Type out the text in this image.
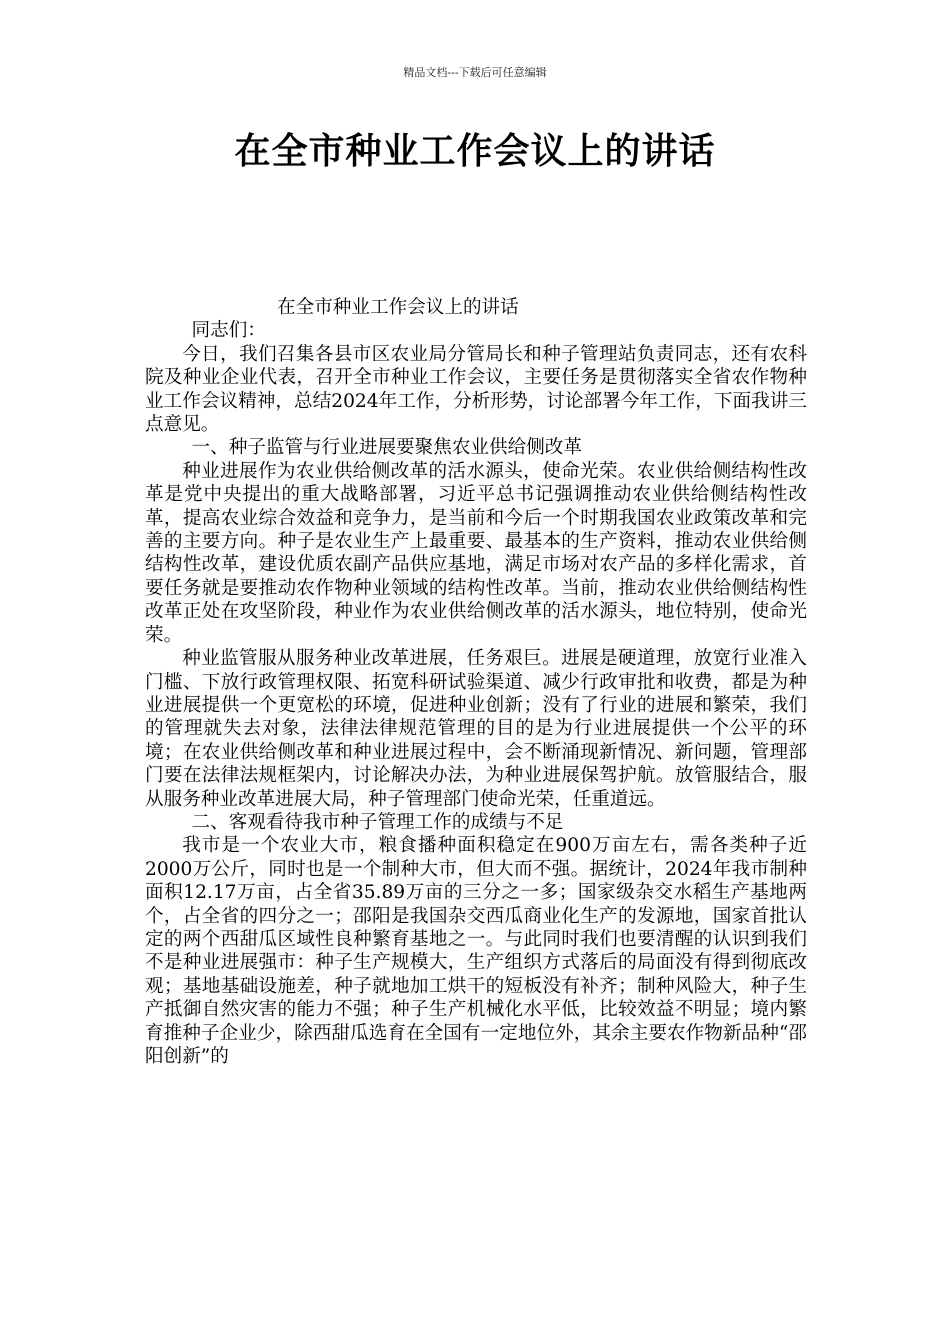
精品文档---下载后可任意编辑
在全市种业工作会议上的讲话

在全市种业工作会议上的讲话

同志们：

今日，我们召集各县市区农业局分管局长和种子管理站负责同志，还有农科院及种业企业代表，召开全市种业工作会议，主要任务是贯彻落实全省农作物种业工作会议精神，总结2024年工作，分析形势，讨论部署今年工作，下面我讲三点意见。

一、种子监管与行业进展要聚焦农业供给侧改革

种业进展作为农业供给侧改革的活水源头，使命光荣。农业供给侧结构性改革是党中央提出的重大战略部署，习近平总书记强调推动农业供给侧结构性改革，提高农业综合效益和竞争力，是当前和今后一个时期我国农业政策改革和完善的主要方向。种子是农业生产上最重要、最基本的生产资料，推动农业供给侧结构性改革，建设优质农副产品供应基地，满足市场对农产品的多样化需求，首要任务就是要推动农作物种业领域的结构性改革。当前，推动农业供给侧结构性改革正处在攻坚阶段，种业作为农业供给侧改革的活水源头，地位特别，使命光荣。

种业监管服从服务种业改革进展，任务艰巨。进展是硬道理，放宽行业准入门槛、下放行政管理权限、拓宽科研试验渠道、减少行政审批和收费，都是为种业进展提供一个更宽松的环境，促进种业创新；没有了行业的进展和繁荣，我们的管理就失去对象，法律法律规范管理的目的是为行业进展提供一个公平的环境；在农业供给侧改革和种业进展过程中，会不断涌现新情况、新问题，管理部门要在法律法规框架内，讨论解决办法，为种业进展保驾护航。放管服结合，服从服务种业改革进展大局，种子管理部门使命光荣，任重道远。

二、客观看待我市种子管理工作的成绩与不足

我市是一个农业大市，粮食播种面积稳定在900万亩左右，需各类种子近2000万公斤，同时也是一个制种大市，但大而不强。据统计，2024年我市制种面积12.17万亩，占全省35.89万亩的三分之一多；国家级杂交水稻生产基地两个，占全省的四分之一；邵阳是我国杂交西瓜商业化生产的发源地，国家首批认定的两个西甜瓜区域性良种繁育基地之一。与此同时我们也要清醒的认识到我们不是种业进展强市：种子生产规模大，生产组织方式落后的局面没有得到彻底改观；基地基础设施差，种子就地加工烘干的短板没有补齐；制种风险大，种子生产抵御自然灾害的能力不强；种子生产机械化水平低，比较效益不明显；境内繁育推种子企业少，除西甜瓜选育在全国有一定地位外，其余主要农作物新品种“邵阳创新”的
